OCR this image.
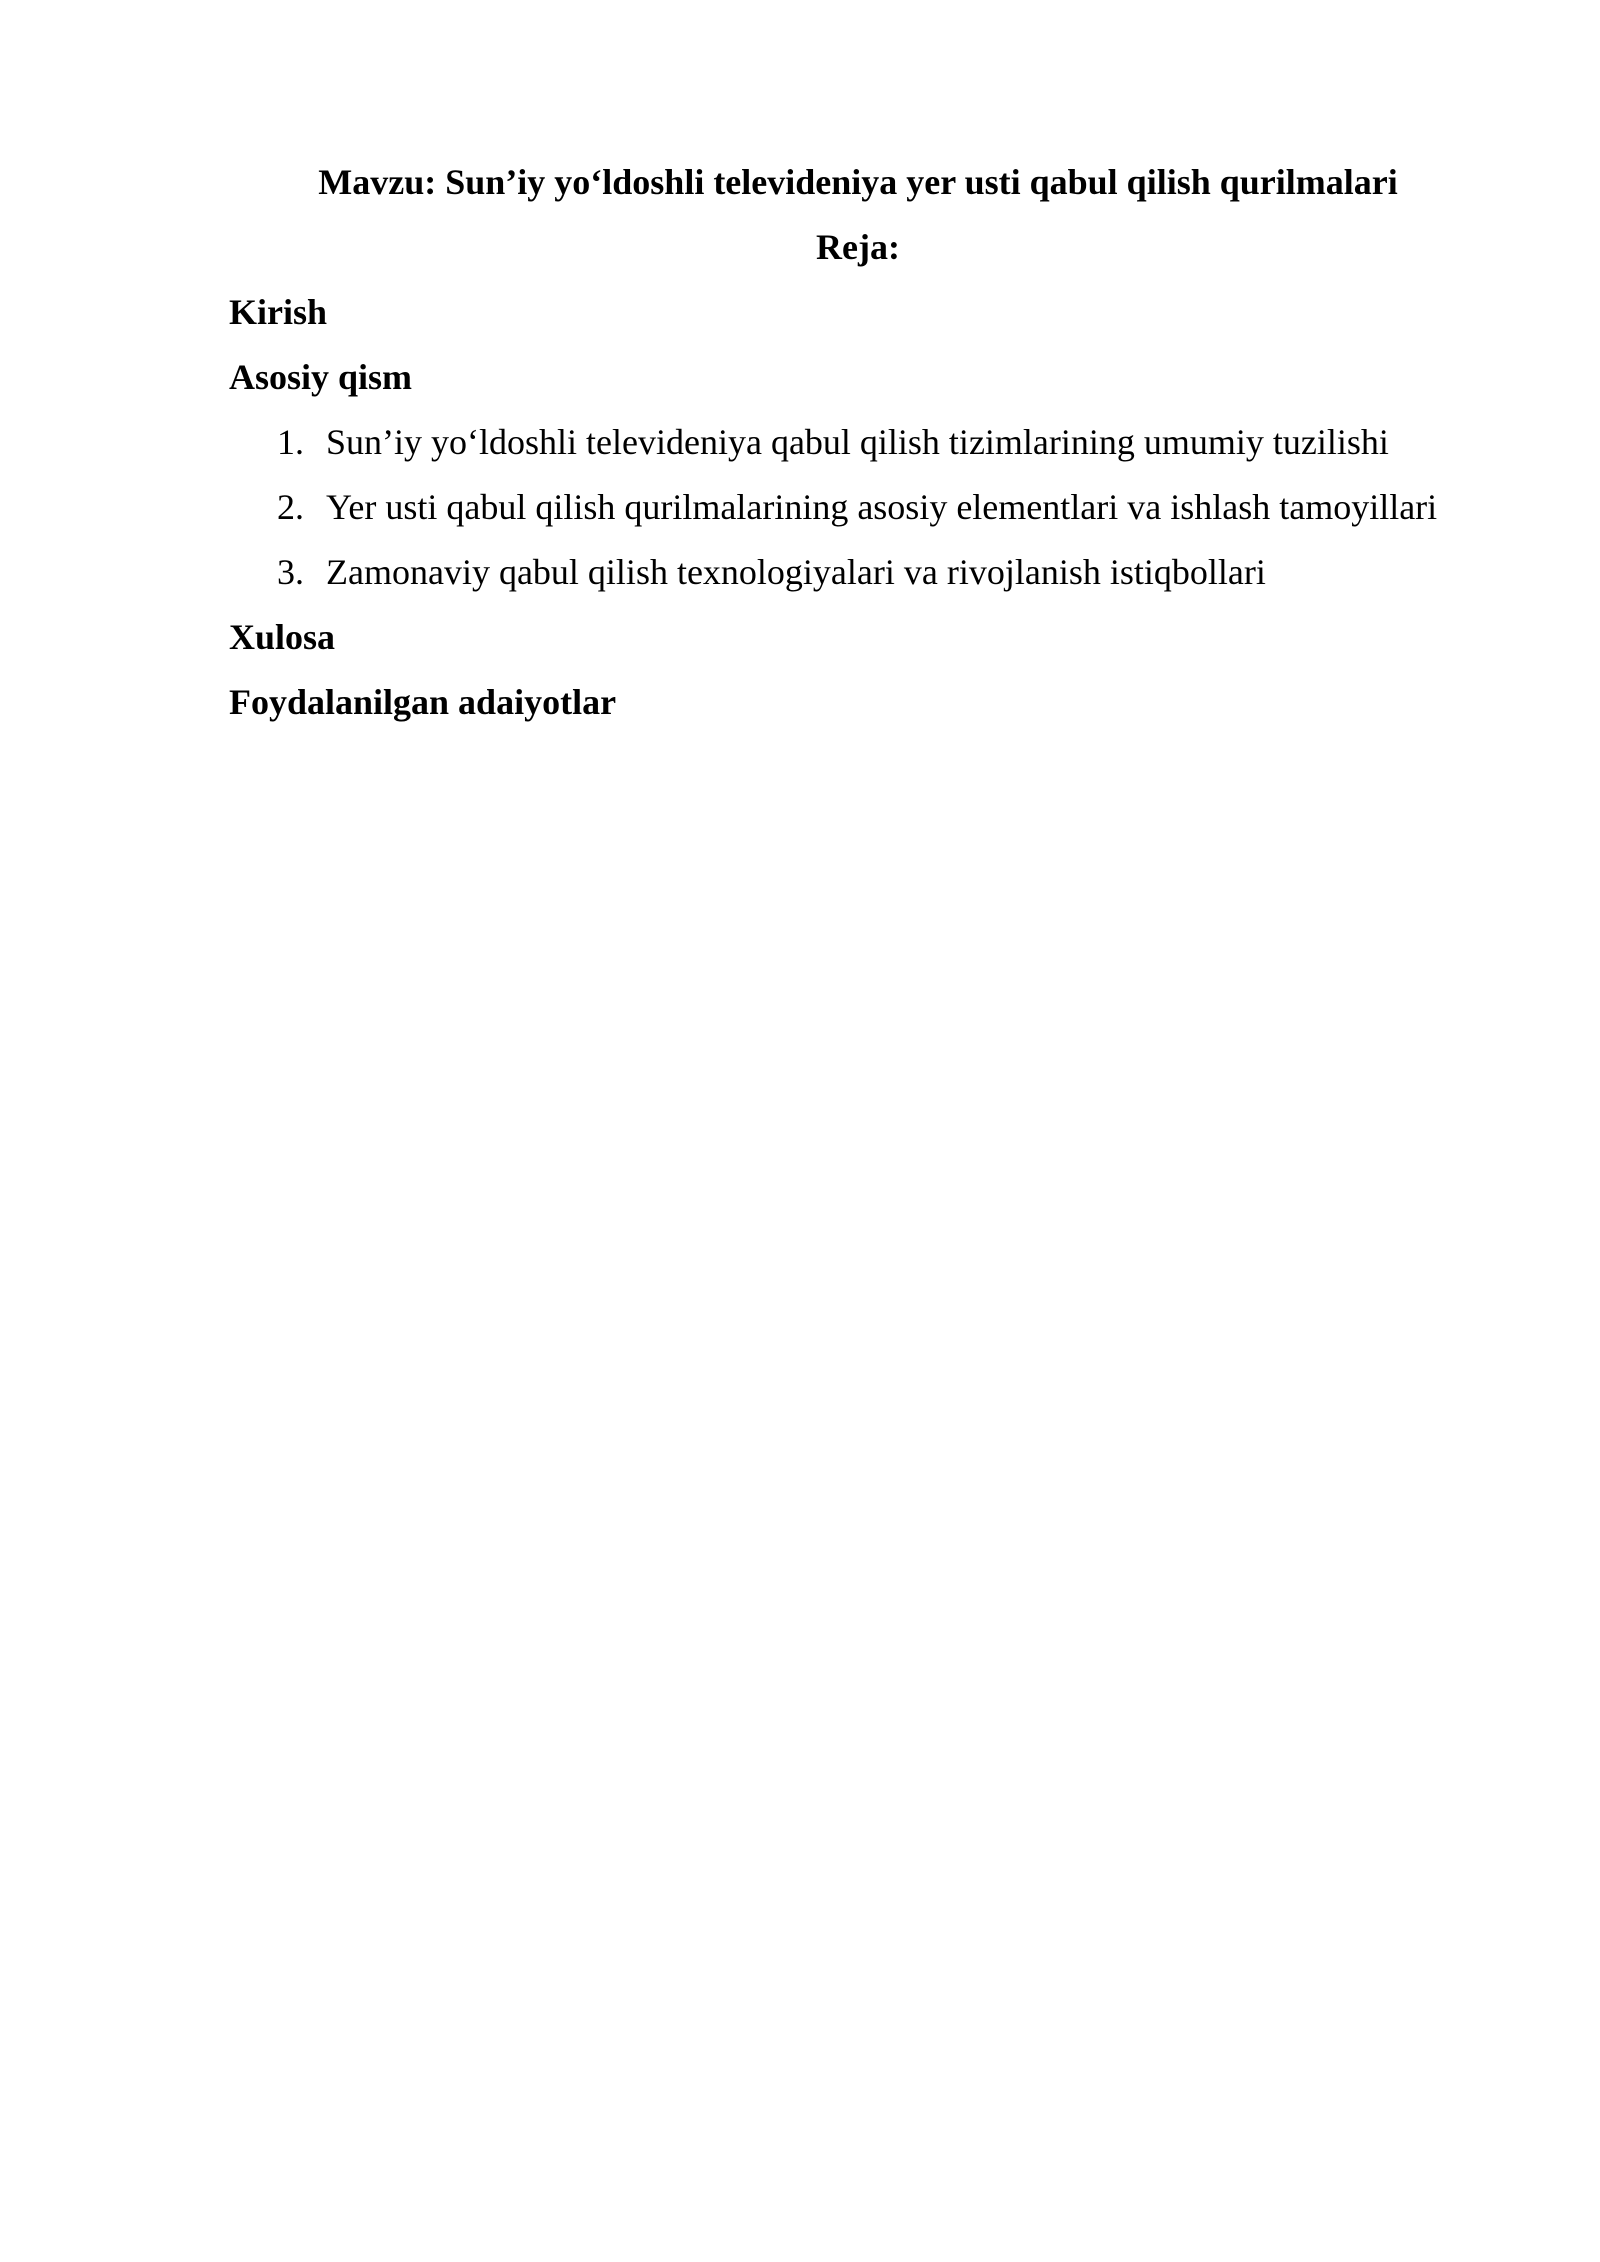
Mavzu: Sun’iy yo‘ldoshli televideniya yer usti qabul qilish qurilmalari

Reja:

Kirish

Asosiy qism

1. Sun’iy yo‘ldoshli televideniya qabul qilish tizimlarining umumiy tuzilishi
2. Yer usti qabul qilish qurilmalarining asosiy elementlari va ishlash tamoyillari
3. Zamonaviy qabul qilish texnologiyalari va rivojlanish istiqbollari

Xulosa

Foydalanilgan adaiyotlar
